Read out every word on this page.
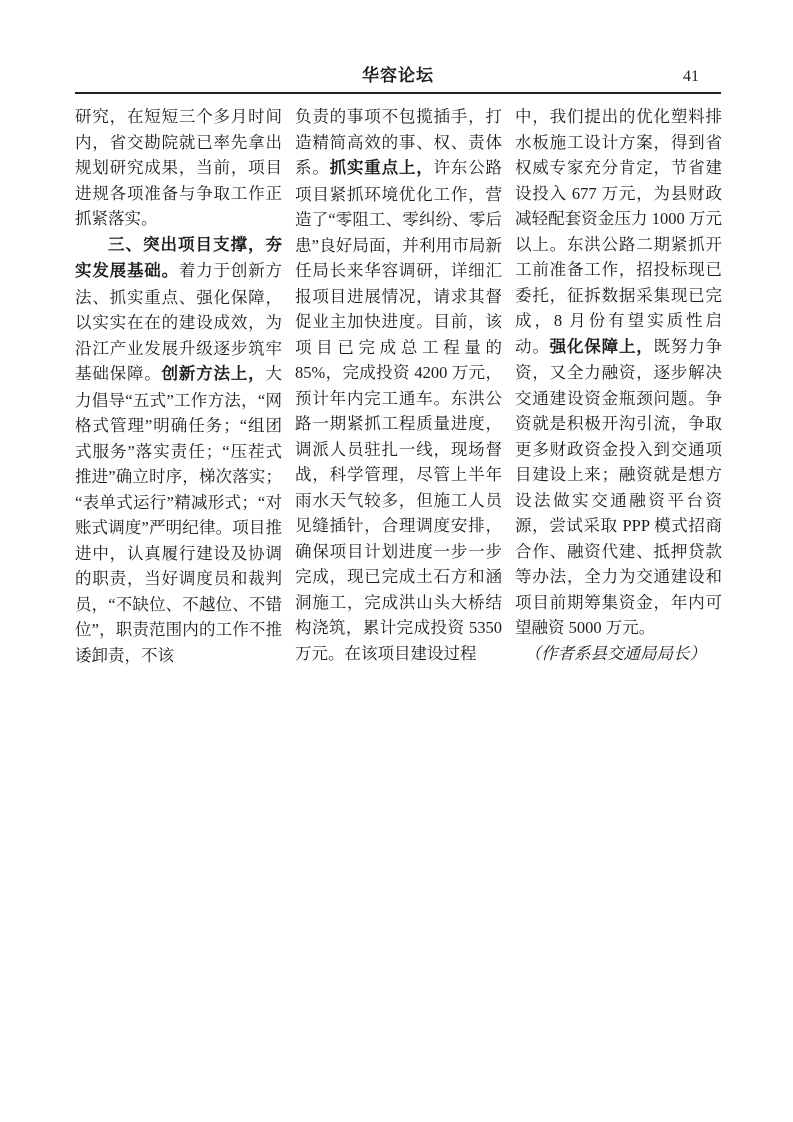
华容论坛	41

研究，在短短三个多月时间内，省交勘院就已率先拿出规划研究成果，当前，项目进规各项准备与争取工作正抓紧落实。

三、突出项目支撑，夯实发展基础。着力于创新方法、抓实重点、强化保障，以实实在在的建设成效，为沿江产业发展升级逐步筑牢基础保障。创新方法上，大力倡导“五式”工作方法，“网格式管理”明确任务；“组团式服务”落实责任；“压茬式推进”确立时序，梯次落实；“表单式运行”精减形式；“对账式调度”严明纪律。项目推进中，认真履行建设及协调的职责，当好调度员和裁判员，“不缺位、不越位、不错位”，职责范围内的工作不推诿卸责，不该

负责的事项不包揽插手，打造精简高效的事、权、责体系。抓实重点上，许东公路项目紧抓环境优化工作，营造了“零阻工、零纠纷、零后患”良好局面，并利用市局新任局长来华容调研，详细汇报项目进展情况，请求其督促业主加快进度。目前，该项目已完成总工程量的 85%，完成投资 4200 万元，预计年内完工通车。东洪公路一期紧抓工程质量进度，调派人员驻扎一线，现场督战，科学管理，尽管上半年雨水天气较多，但施工人员见缝插针，合理调度安排，确保项目计划进度一步一步完成，现已完成土石方和涵洞施工，完成洪山头大桥结构浇筑，累计完成投资 5350 万元。在该项目建设过程

中，我们提出的优化塑料排水板施工设计方案，得到省权威专家充分肯定，节省建设投入 677 万元，为县财政减轻配套资金压力 1000 万元以上。东洪公路二期紧抓开工前准备工作，招投标现已委托，征拆数据采集现已完成，8 月份有望实质性启动。强化保障上，既努力争资，又全力融资，逐步解决交通建设资金瓶颈问题。争资就是积极开沟引流，争取更多财政资金投入到交通项目建设上来；融资就是想方设法做实交通融资平台资源，尝试采取 PPP 模式招商合作、融资代建、抵押贷款等办法，全力为交通建设和项目前期筹集资金，年内可望融资 5000 万元。

（作者系县交通局局长）
